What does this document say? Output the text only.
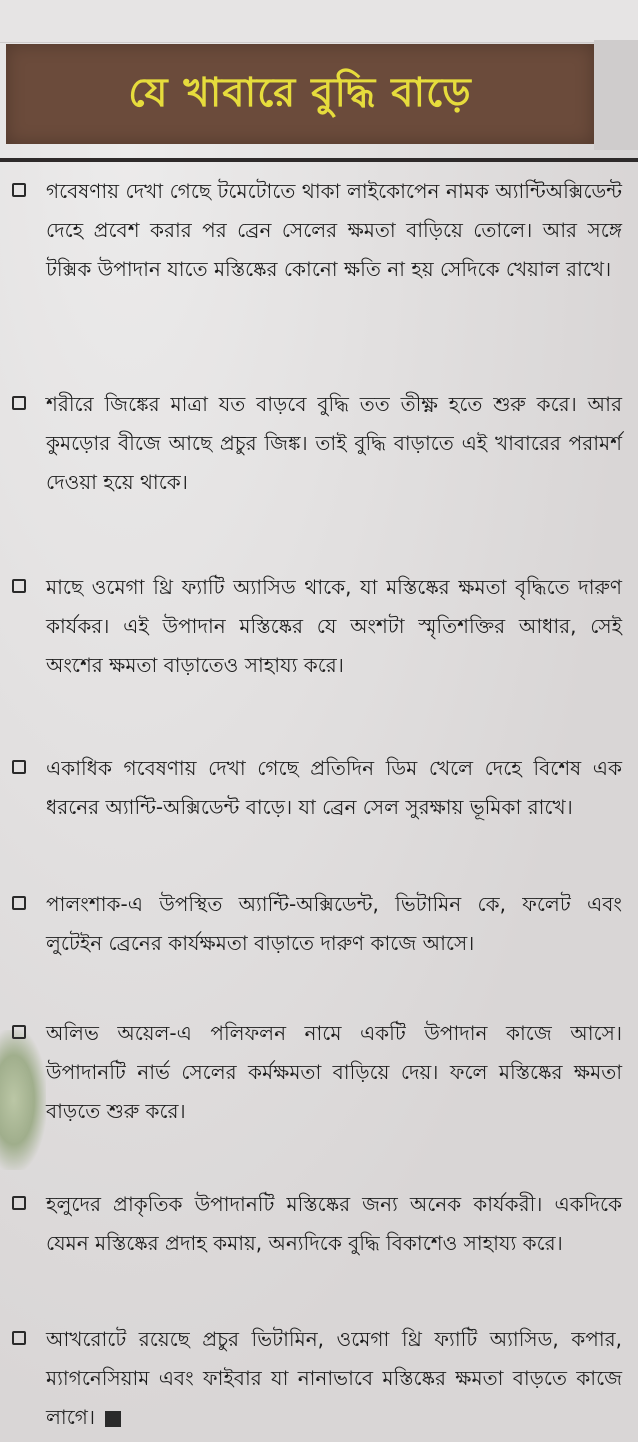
যে খাবারে বুদ্ধি বাড়ে

গবেষণায় দেখা গেছে টমেটোতে থাকা লাইকোপেন নামক অ্যান্টিঅক্সিডেন্ট দেহে প্রবেশ করার পর ব্রেন সেলের ক্ষমতা বাড়িয়ে তোলে। আর সঙ্গে টক্সিক উপাদান যাতে মস্তিষ্কের কোনো ক্ষতি না হয় সেদিকে খেয়াল রাখে।

শরীরে জিঙ্কের মাত্রা যত বাড়বে বুদ্ধি তত তীক্ষ্ণ হতে শুরু করে। আর কুমড়োর বীজে আছে প্রচুর জিঙ্ক। তাই বুদ্ধি বাড়াতে এই খাবারের পরামর্শ দেওয়া হয়ে থাকে।

মাছে ওমেগা থ্রি ফ্যাটি অ্যাসিড থাকে, যা মস্তিষ্কের ক্ষমতা বৃদ্ধিতে দারুণ কার্যকর। এই উপাদান মস্তিষ্কের যে অংশটা স্মৃতিশক্তির আধার, সেই অংশের ক্ষমতা বাড়াতেও সাহায্য করে।

একাধিক গবেষণায় দেখা গেছে প্রতিদিন ডিম খেলে দেহে বিশেষ এক ধরনের অ্যান্টি-অক্সিডেন্ট বাড়ে। যা ব্রেন সেল সুরক্ষায় ভূমিকা রাখে।

পালংশাক-এ উপস্থিত অ্যান্টি-অক্সিডেন্ট, ভিটামিন কে, ফলেট এবং লুটেইন ব্রেনের কার্যক্ষমতা বাড়াতে দারুণ কাজে আসে।

অলিভ অয়েল-এ পলিফলন নামে একটি উপাদান কাজে আসে। উপাদানটি নার্ভ সেলের কর্মক্ষমতা বাড়িয়ে দেয়। ফলে মস্তিষ্কের ক্ষমতা বাড়তে শুরু করে।

হলুদের প্রাকৃতিক উপাদানটি মস্তিষ্কের জন্য অনেক কার্যকরী। একদিকে যেমন মস্তিষ্কের প্রদাহ কমায়, অন্যদিকে বুদ্ধি বিকাশেও সাহায্য করে।

আখরোটে রয়েছে প্রচুর ভিটামিন, ওমেগা থ্রি ফ্যাটি অ্যাসিড, কপার, ম্যাগনেসিয়াম এবং ফাইবার যা নানাভাবে মস্তিষ্কের ক্ষমতা বাড়তে কাজে লাগে।
